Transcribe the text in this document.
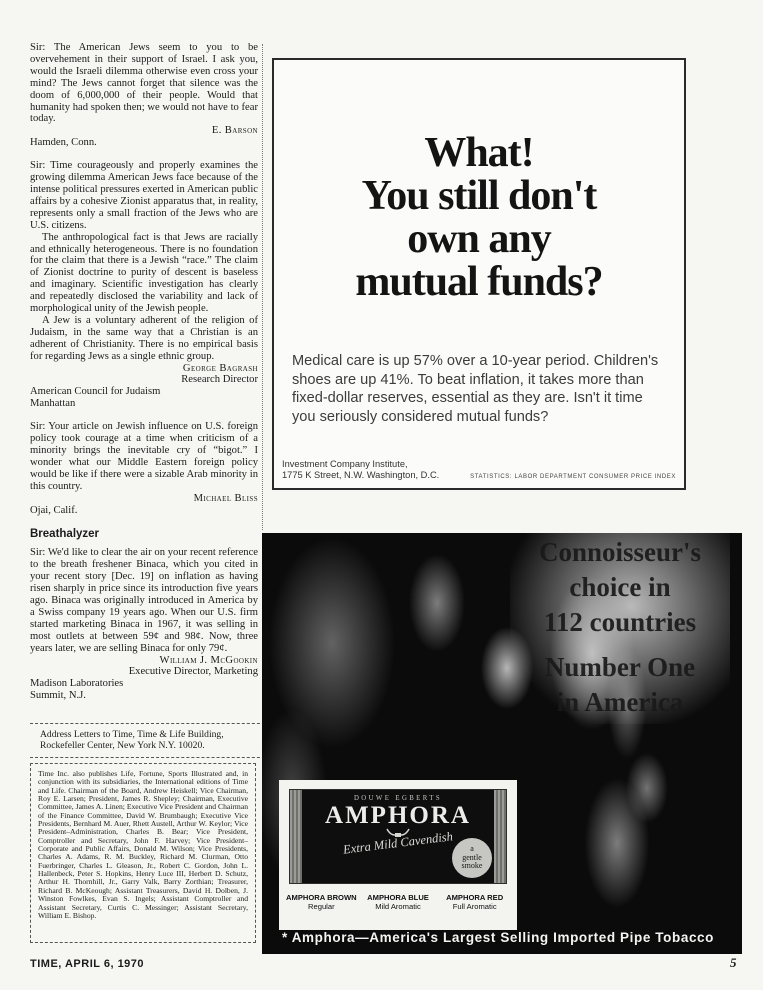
Sir: The American Jews seem to you to be overvehement in their support of Israel. I ask you, would the Israeli dilemma otherwise even cross your mind? The Jews cannot forget that silence was the doom of 6,000,000 of their people. Would that humanity had spoken then; we would not have to fear today.

E. Barson
Hamden, Conn.

Sir: Time courageously and properly examines the growing dilemma American Jews face because of the intense political pressures exerted in American public affairs by a cohesive Zionist apparatus that, in reality, represents only a small fraction of the Jews who are U.S. citizens.

The anthropological fact is that Jews are racially and ethnically heterogeneous. There is no foundation for the claim that there is a Jewish “race.” The claim of Zionist doctrine to purity of descent is baseless and imaginary. Scientific investigation has clearly and repeatedly disclosed the variability and lack of morphological unity of the Jewish people.

A Jew is a voluntary adherent of the religion of Judaism, in the same way that a Christian is an adherent of Christianity. There is no empirical basis for regarding Jews as a single ethnic group.

George Bagrash
Research Director
American Council for Judaism
Manhattan

Sir: Your article on Jewish influence on U.S. foreign policy took courage at a time when criticism of a minority brings the inevitable cry of “bigot.” I wonder what our Middle Eastern foreign policy would be like if there were a sizable Arab minority in this country.

Michael Bliss
Ojai, Calif.
Breathalyzer

Sir: We'd like to clear the air on your recent reference to the breath freshener Binaca, which you cited in your recent story [Dec. 19] on inflation as having risen sharply in price since its introduction five years ago. Binaca was originally introduced in America by a Swiss company 19 years ago. When our U.S. firm started marketing Binaca in 1967, it was selling in most outlets at between 59¢ and 98¢. Now, three years later, we are selling Binaca for only 79¢.

William J. McGookin
Executive Director, Marketing
Madison Laboratories
Summit, N.J.
Address Letters to Time, Time & Life Building, Rockefeller Center, New York N.Y. 10020.
Time Inc. also publishes Life, Fortune, Sports Illustrated and, in conjunction with its subsidiaries, the International editions of Time and Life. Chairman of the Board, Andrew Heiskell; Vice Chairman, Roy E. Larsen; President, James R. Shepley; Chairman, Executive Committee, James A. Linen; Executive Vice President and Chairman of the Finance Committee, David W. Brumbaugh; Executive Vice Presidents, Bernhard M. Auer, Rhett Austell, Arthur W. Keylor; Vice President–Administration, Charles B. Bear; Vice President, Comptroller and Secretary, John F. Harvey; Vice President–Corporate and Public Affairs, Donald M. Wilson; Vice Presidents, Charles A. Adams, R. M. Buckley, Richard M. Clurman, Otto Fuerbringer, Charles L. Gleason, Jr., Robert C. Gordon, John L. Hallenbeck, Peter S. Hopkins, Henry Luce III, Herbert D. Schutz, Arthur H. Thornhill, Jr., Garry Valk, Barry Zorthian; Treasurer, Richard B. McKeough; Assistant Treasurers, David H. Dolben, J. Winston Fowlkes, Evan S. Ingels; Assistant Comptroller and Assistant Secretary, Curtis C. Messinger; Assistant Secretary, William E. Bishop.
What!
You still don't
own any
mutual funds?
Medical care is up 57% over a 10-year period. Children's shoes are up 41%. To beat inflation, it takes more than fixed-dollar reserves, essential as they are. Isn't it time you seriously considered mutual funds?
Investment Company Institute,
1775 K Street, N.W. Washington, D.C.	STATISTICS: LABOR DEPARTMENT CONSUMER PRICE INDEX
Connoisseur's
choice in
112 countries
Number One
in America
DOUWE EGBERTS
AMPHORA
Extra Mild Cavendish	a
gentle
smoke
AMPHORA BROWN
Regular
AMPHORA BLUE
Mild Aromatic
AMPHORA RED
Full Aromatic
* Amphora—America's Largest Selling Imported Pipe Tobacco
TIME, APRIL 6, 1970	5
